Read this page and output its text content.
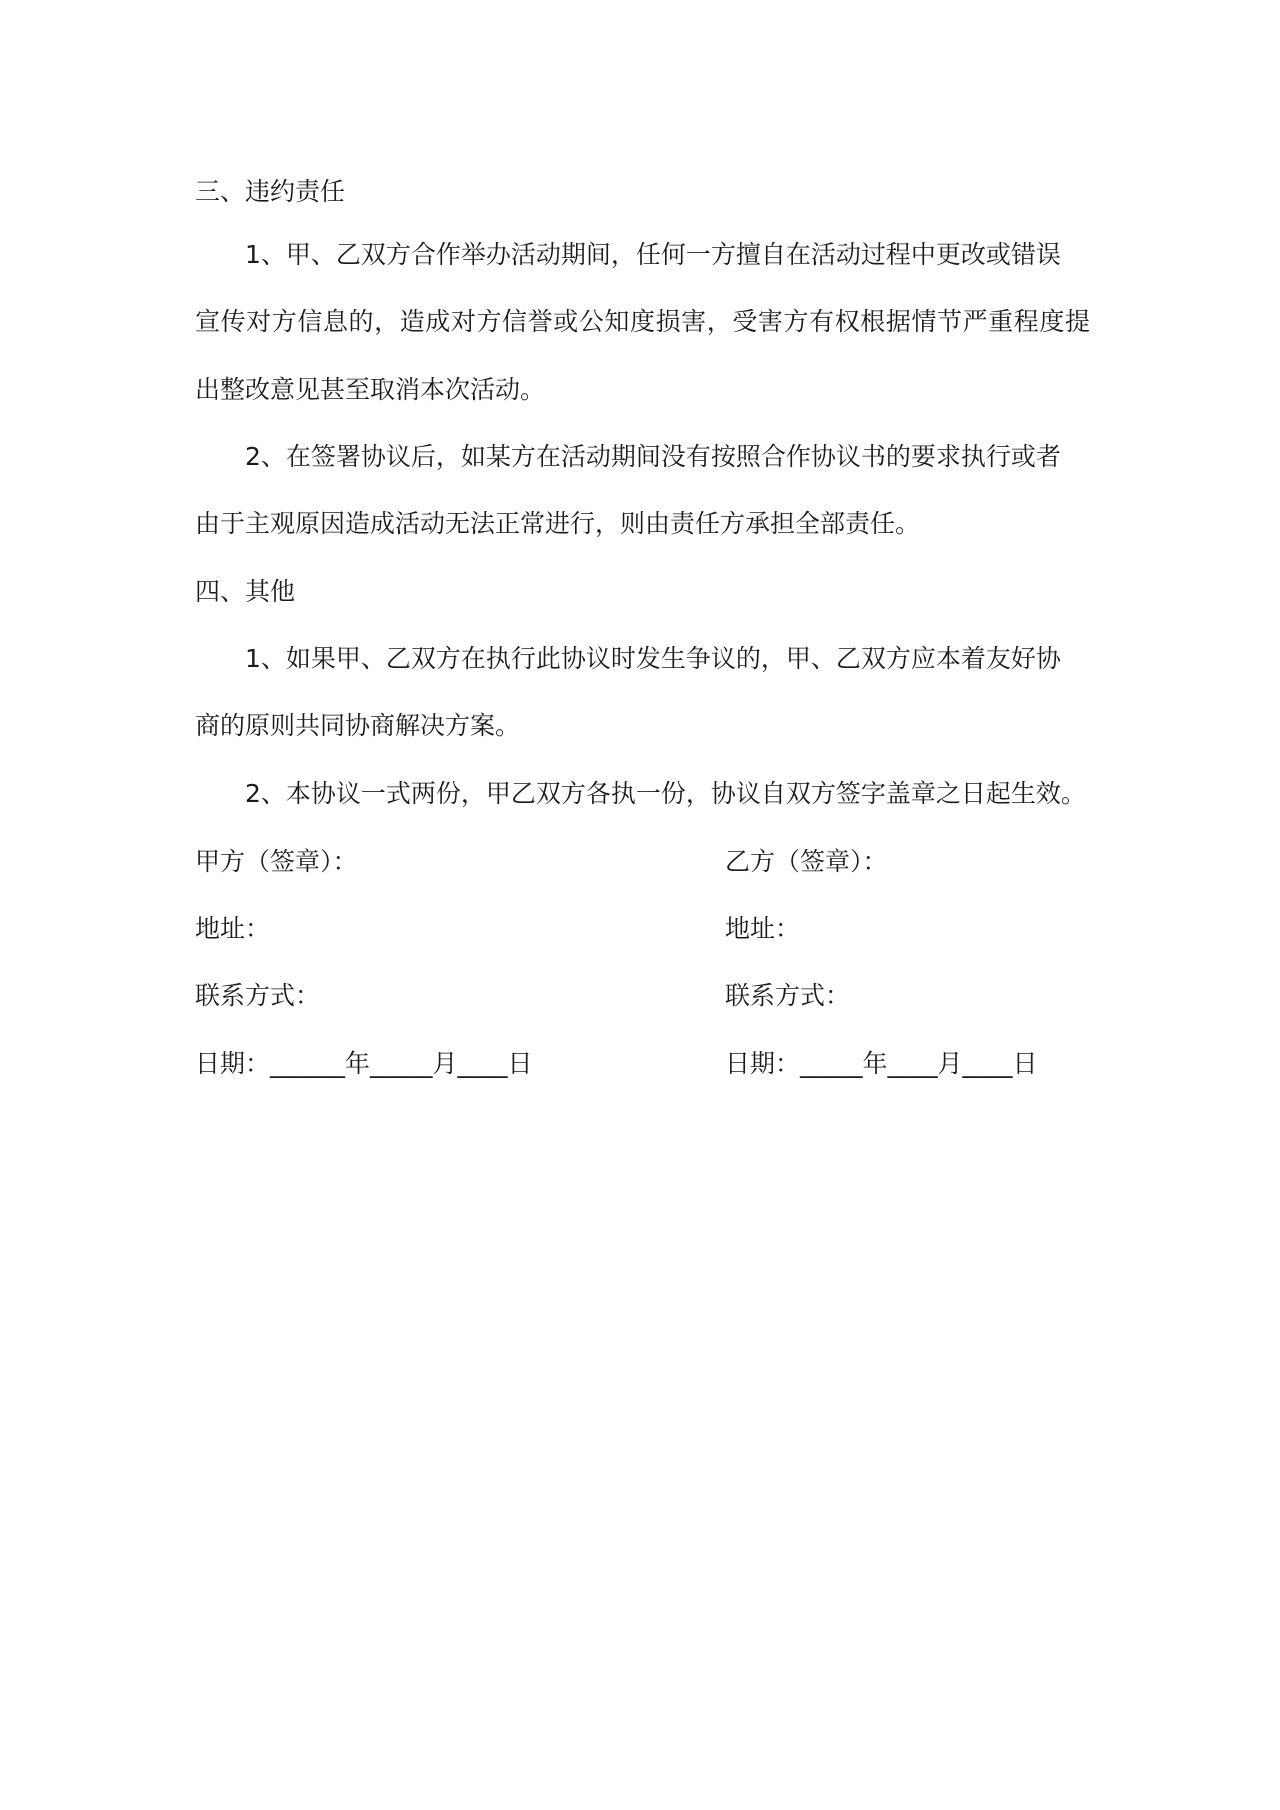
三、违约责任
1、甲、乙双方合作举办活动期间，任何一方擅自在活动过程中更改或错误
宣传对方信息的，造成对方信誉或公知度损害，受害方有权根据情节严重程度提
出整改意见甚至取消本次活动。
2、在签署协议后，如某方在活动期间没有按照合作协议书的要求执行或者
由于主观原因造成活动无法正常进行，则由责任方承担全部责任。
四、其他
1、如果甲、乙双方在执行此协议时发生争议的，甲、乙双方应本着友好协
商的原则共同协商解决方案。
2、本协议一式两份，甲乙双方各执一份，协议自双方签字盖章之日起生效。
甲方（签章）：	乙方（签章）：
地址：	地址：
联系方式：	联系方式：
日期：______年_____月____日	日期：_____年____月____日
